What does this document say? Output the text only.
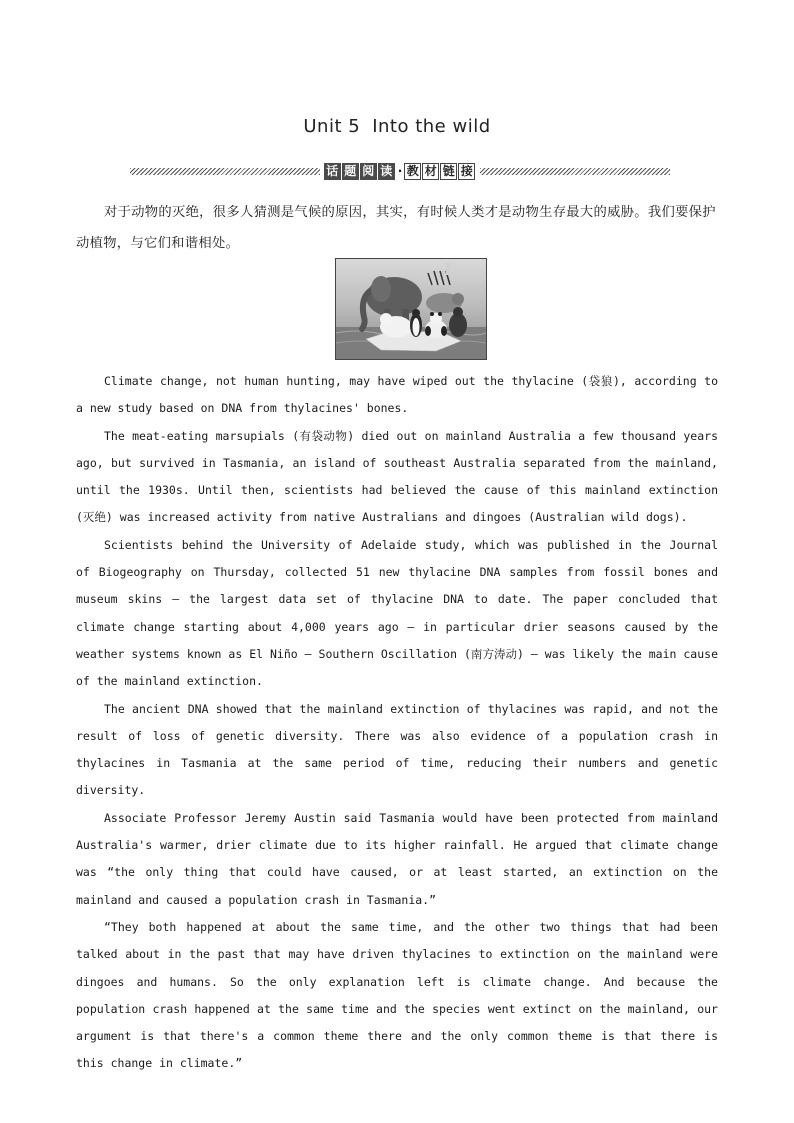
Unit 5 Into the wild
话 题 阅 读 · 教 材 链 接

对于动物的灭绝，很多人猜测是气候的原因，其实，有时候人类才是动物生存最大的威胁。我们要保护动植物，与它们和谐相处。

Climate change, not human hunting, may have wiped out the thylacine (袋狼), according to a new study based on DNA from thylacines' bones.

The meat-eating marsupials (有袋动物) died out on mainland Australia a few thousand years ago, but survived in Tasmania, an island of southeast Australia separated from the mainland, until the 1930s. Until then, scientists had believed the cause of this mainland extinction (灭绝) was increased activity from native Australians and dingoes (Australian wild dogs).

Scientists behind the University of Adelaide study, which was published in the Journal of Biogeography on Thursday, collected 51 new thylacine DNA samples from fossil bones and museum skins — the largest data set of thylacine DNA to date. The paper concluded that climate change starting about 4,000 years ago — in particular drier seasons caused by the weather systems known as El Niño — Southern Oscillation (南方涛动) — was likely the main cause of the mainland extinction.

The ancient DNA showed that the mainland extinction of thylacines was rapid, and not the result of loss of genetic diversity. There was also evidence of a population crash in thylacines in Tasmania at the same period of time, reducing their numbers and genetic diversity.

Associate Professor Jeremy Austin said Tasmania would have been protected from mainland Australia's warmer, drier climate due to its higher rainfall. He argued that climate change was “the only thing that could have caused, or at least started, an extinction on the mainland and caused a population crash in Tasmania.”

“They both happened at about the same time, and the other two things that had been talked about in the past that may have driven thylacines to extinction on the mainland were dingoes and humans. So the only explanation left is climate change. And because the population crash happened at the same time and the species went extinct on the mainland, our argument is that there's a common theme there and the only common theme is that there is this change in climate.”
